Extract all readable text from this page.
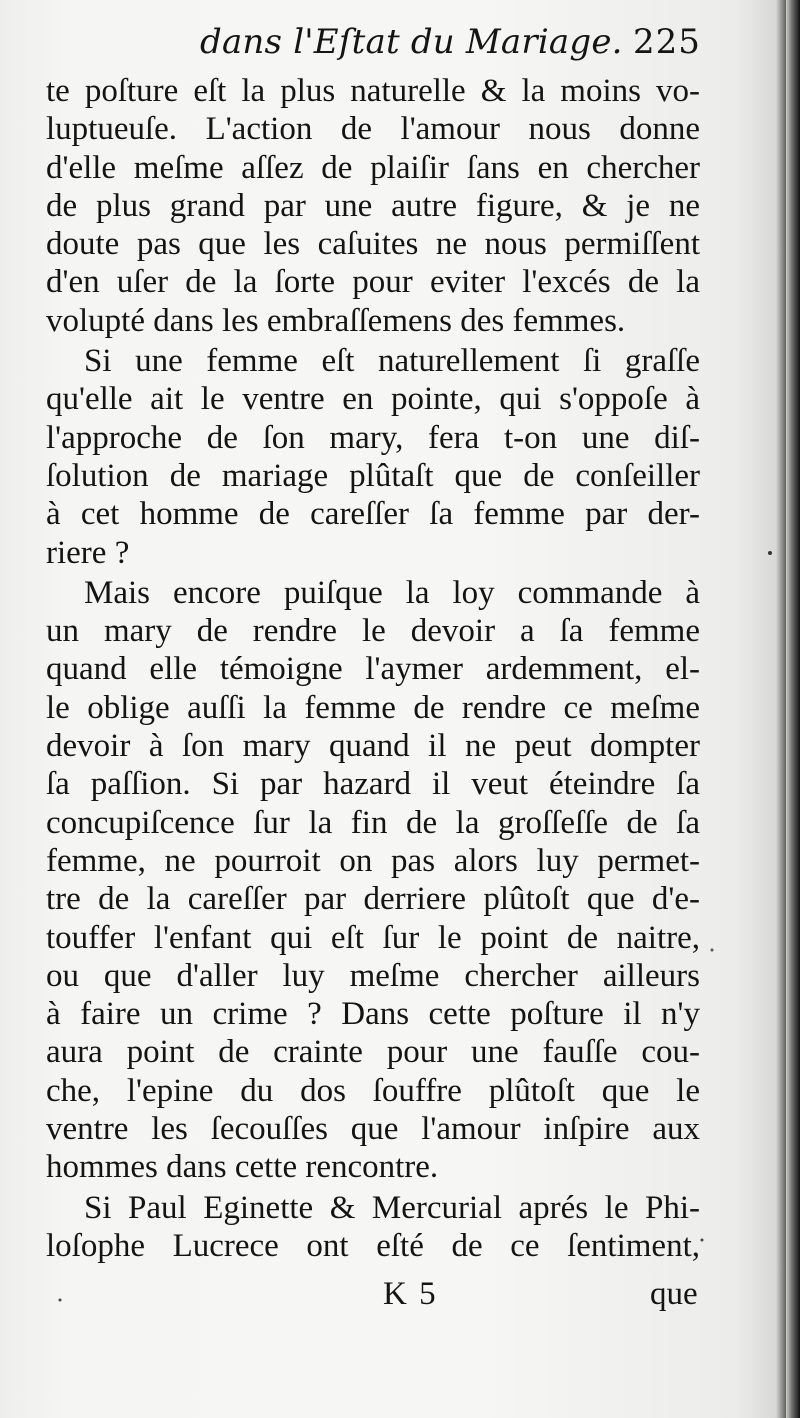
dans l'Eſtat du Mariage. 225
te poſture eſt la plus naturelle & la moins vo-
luptueuſe. L'action de l'amour nous donne
d'elle meſme aſſez de plaiſir ſans en chercher
de plus grand par une autre figure, & je ne
doute pas que les caſuites ne nous permiſſent
d'en uſer de la ſorte pour eviter l'excés de la
volupté dans les embraſſemens des femmes.
Si une femme eſt naturellement ſi graſſe
qu'elle ait le ventre en pointe, qui s'oppoſe à
l'approche de ſon mary, fera t-on une diſ-
ſolution de mariage plûtaſt que de conſeiller
à cet homme de careſſer ſa femme par der-
riere ?
Mais encore puiſque la loy commande à
un mary de rendre le devoir a ſa femme
quand elle témoigne l'aymer ardemment, el-
le oblige auſſi la femme de rendre ce meſme
devoir à ſon mary quand il ne peut dompter
ſa paſſion. Si par hazard il veut éteindre ſa
concupiſcence ſur la fin de la groſſeſſe de ſa
femme, ne pourroit on pas alors luy permet-
tre de la careſſer par derriere plûtoſt que d'e-
touffer l'enfant qui eſt ſur le point de naitre,
ou que d'aller luy meſme chercher ailleurs
à faire un crime ? Dans cette poſture il n'y
aura point de crainte pour une fauſſe cou-
che, l'epine du dos ſouffre plûtoſt que le
ventre les ſecouſſes que l'amour inſpire aux
hommes dans cette rencontre.
Si Paul Eginette & Mercurial aprés le Phi-
loſophe Lucrece ont eſté de ce ſentiment,
K 5	que
